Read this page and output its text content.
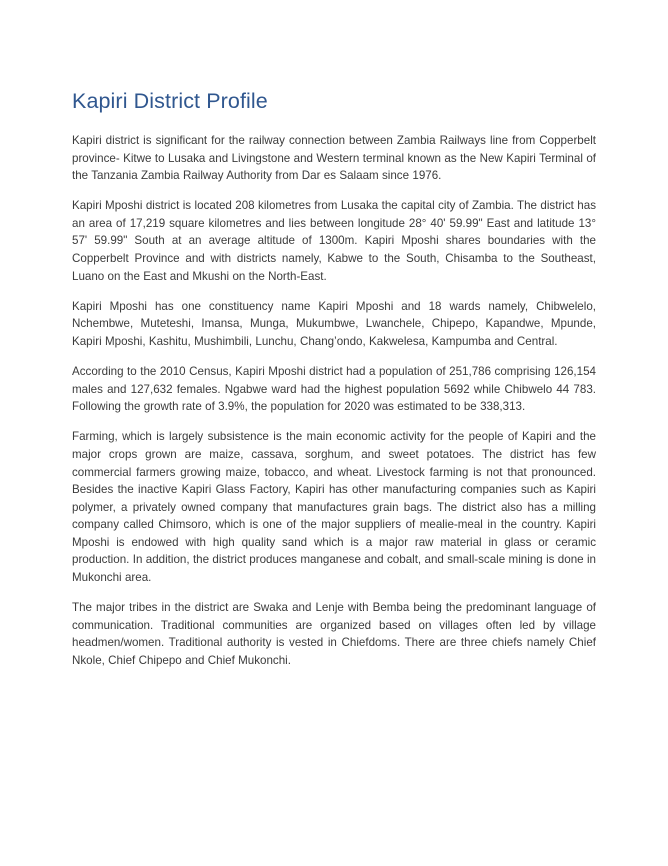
Kapiri District Profile

Kapiri district is significant for the railway connection between Zambia Railways line from Copperbelt province- Kitwe to Lusaka and Livingstone and Western terminal known as the New Kapiri Terminal of the Tanzania Zambia Railway Authority from Dar es Salaam since 1976.

Kapiri Mposhi district is located 208 kilometres from Lusaka the capital city of Zambia. The district has an area of 17,219 square kilometres and lies between longitude 28° 40' 59.99" East and latitude 13° 57' 59.99" South at an average altitude of 1300m. Kapiri Mposhi shares boundaries with the Copperbelt Province and with districts namely, Kabwe to the South, Chisamba to the Southeast, Luano on the East and Mkushi on the North-East.

Kapiri Mposhi has one constituency name Kapiri Mposhi and 18 wards namely, Chibwelelo, Nchembwe, Muteteshi, Imansa, Munga, Mukumbwe, Lwanchele, Chipepo, Kapandwe, Mpunde, Kapiri Mposhi, Kashitu, Mushimbili, Lunchu, Chang’ondo, Kakwelesa, Kampumba and Central.

According to the 2010 Census, Kapiri Mposhi district had a population of 251,786 comprising 126,154 males and 127,632 females. Ngabwe ward had the highest population 5692 while Chibwelo 44 783. Following the growth rate of 3.9%, the population for 2020 was estimated to be 338,313.

Farming, which is largely subsistence is the main economic activity for the people of Kapiri and the major crops grown are maize, cassava, sorghum, and sweet potatoes. The district has few commercial farmers growing maize, tobacco, and wheat. Livestock farming is not that pronounced. Besides the inactive Kapiri Glass Factory, Kapiri has other manufacturing companies such as Kapiri polymer, a privately owned company that manufactures grain bags. The district also has a milling company called Chimsoro, which is one of the major suppliers of mealie-meal in the country. Kapiri Mposhi is endowed with high quality sand which is a major raw material in glass or ceramic production. In addition, the district produces manganese and cobalt, and small-scale mining is done in Mukonchi area.

The major tribes in the district are Swaka and Lenje with Bemba being the predominant language of communication. Traditional communities are organized based on villages often led by village headmen/women. Traditional authority is vested in Chiefdoms. There are three chiefs namely Chief Nkole, Chief Chipepo and Chief Mukonchi.
